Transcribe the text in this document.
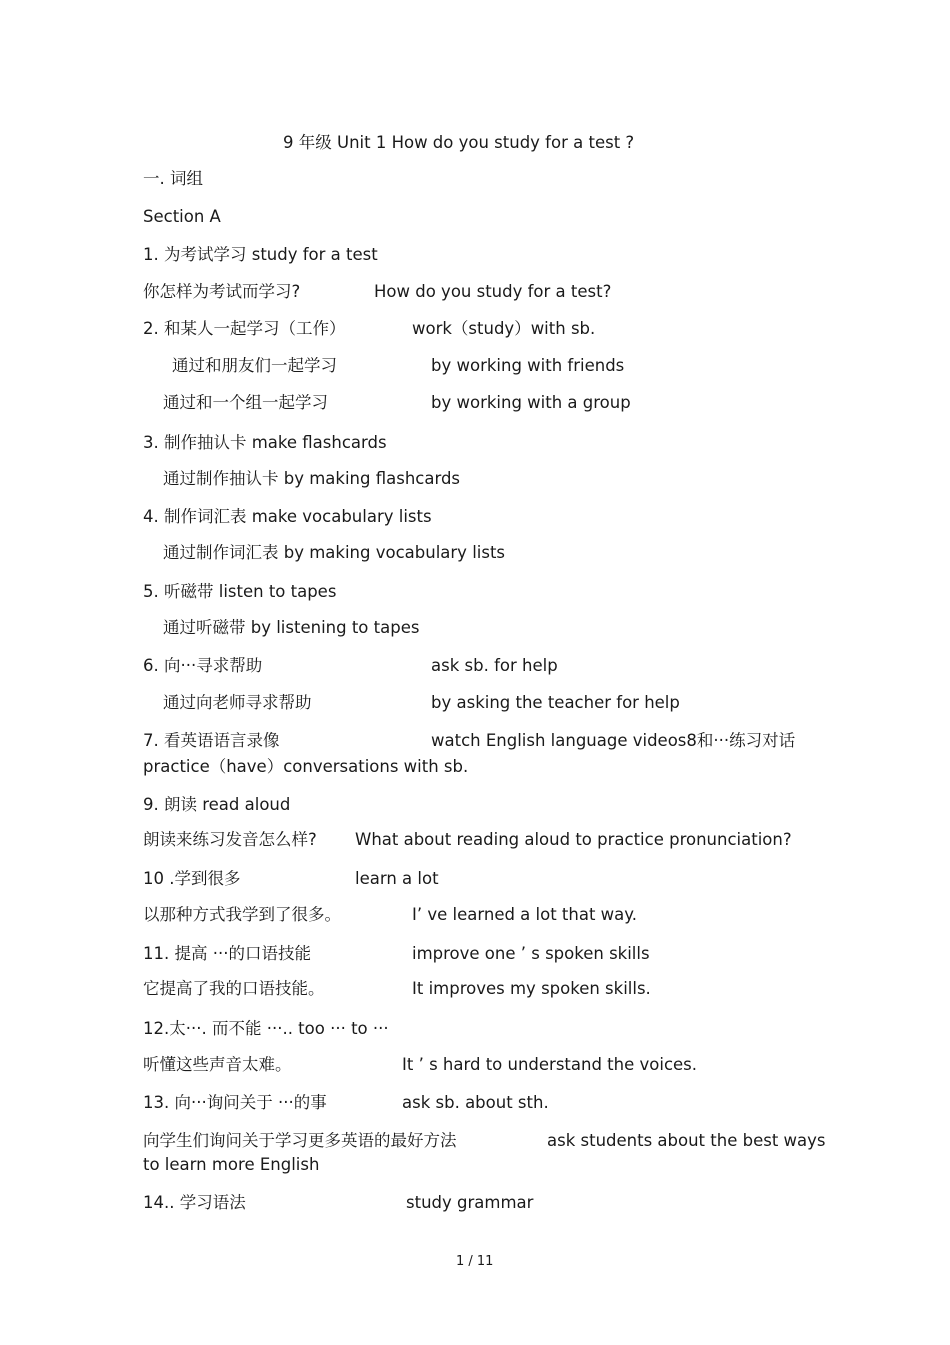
9 年级 Unit 1 How do you study for a test ?
一. 词组
Section A
1. 为考试学习 study for a test
你怎样为考试而学习?	How do you study for a test?
2. 和某人一起学习（工作）	work（study）with sb.
通过和朋友们一起学习	by working with friends
通过和一个组一起学习	by working with a group
3. 制作抽认卡 make flashcards
通过制作抽认卡 by making flashcards
4. 制作词汇表 make vocabulary lists
通过制作词汇表 by making vocabulary lists
5. 听磁带 listen to tapes
通过听磁带 by listening to tapes
6. 向···寻求帮助	ask sb. for help
通过向老师寻求帮助	by asking the teacher for help
7. 看英语语言录像	watch English language videos8和···练习对话
practice（have）conversations with sb.
9. 朗读 read aloud
朗读来练习发音怎么样? What about reading aloud to practice pronunciation?
10 .学到很多	learn a lot
以那种方式我学到了很多。	I’ ve learned a lot that way.
11. 提高 ···的口语技能	improve one ’ s spoken skills
它提高了我的口语技能。	It improves my spoken skills.
12.太···. 而不能 ···.. too ··· to ···
听懂这些声音太难。	It ’ s hard to understand the voices.
13. 向···询问关于 ···的事	ask sb. about sth.
向学生们询问关于学习更多英语的最好方法	ask students about the best ways
to learn more English
14.. 学习语法	study grammar
1 / 11
